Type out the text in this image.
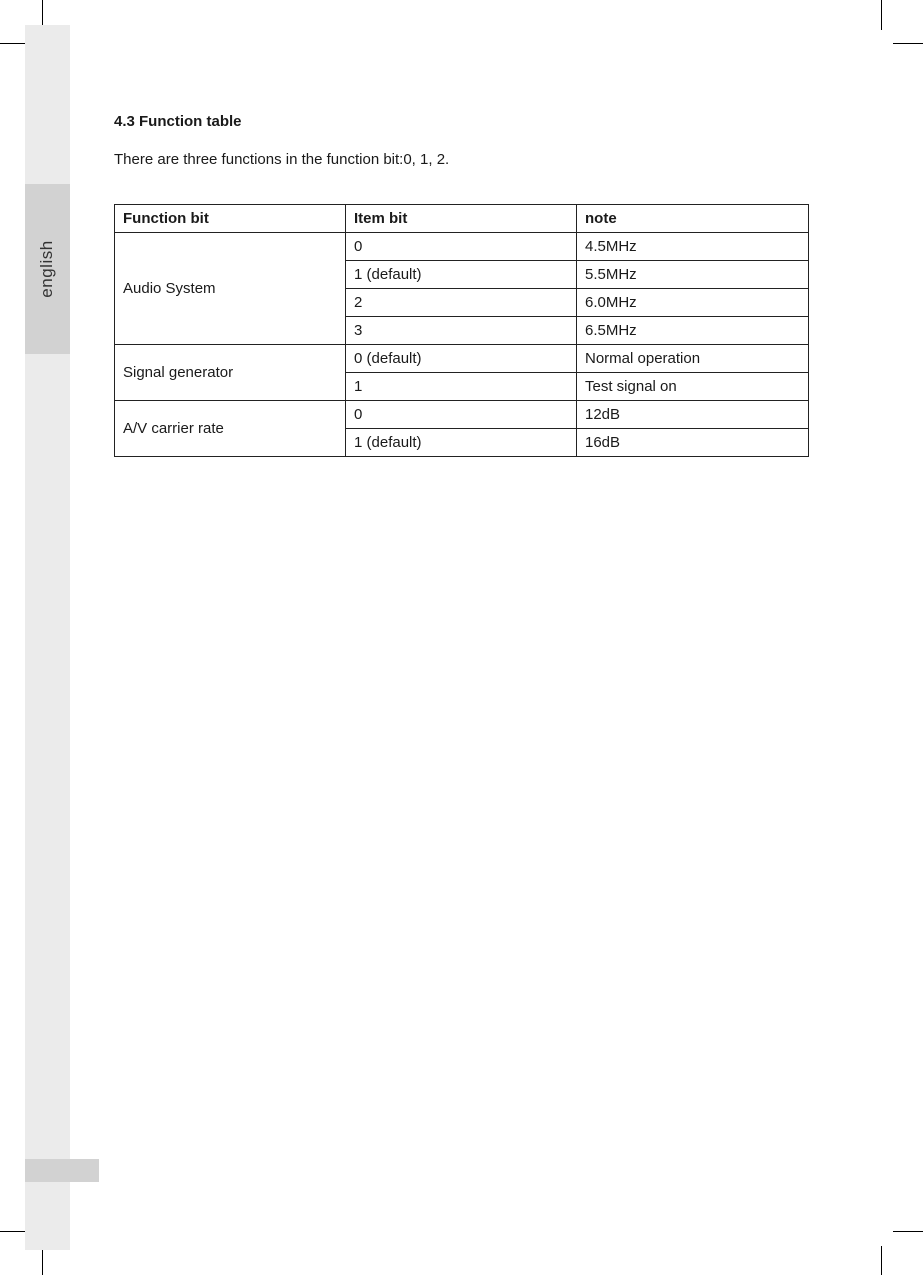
english
4.3 Function table

There are three functions in the function bit:0, 1, 2.

Function bit	Item bit	note
Audio System	0	4.5MHz
	1 (default)	5.5MHz
	2	6.0MHz
	3	6.5MHz
Signal generator	0 (default)	Normal operation
	1	Test signal on
A/V carrier rate	0	12dB
	1 (default)	16dB
